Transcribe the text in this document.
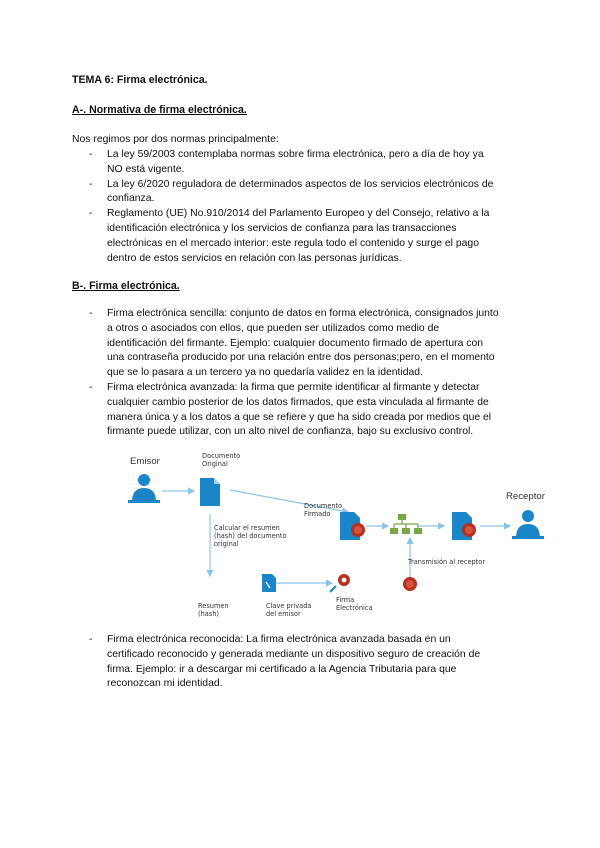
TEMA 6: Firma electrónica.
A-. Normativa de firma electrónica.
Nos regimos por dos normas principalmente:
- La ley 59/2003 contemplaba normas sobre firma electrónica, pero a día de hoy ya
NO está vigente.
- La ley 6/2020 reguladora de determinados aspectos de los servicios electrónicos de
confianza.
- Reglamento (UE) No.910/2014 del Parlamento Europeo y del Consejo, relativo a la
identificación electrónica y los servicios de confianza para las transacciones
electrónicas en el mercado interior: este regula todo el contenido y surge el pago
dentro de estos servicios en relación con las personas jurídicas.
B-. Firma electrónica.
- Firma electrónica sencilla: conjunto de datos en forma electrónica, consignados junto
a otros o asociados con ellos, que pueden ser utilizados como medio de
identificación del firmante. Ejemplo: cualquier documento firmado de apertura con
una contraseña producido por una relación entre dos personas;pero, en el momento
que se lo pasara a un tercero ya no quedaría validez en la identidad.
- Firma electrónica avanzada: la firma que permite identificar al firmante y detectar
cualquier cambio posterior de los datos firmados, que esta vinculada al firmante de
manera única y a los datos a que se refiere y que ha sido creada por medios que el
firmante puede utilizar, con un alto nivel de confianza, bajo su exclusivo control.
Emisor	Documento
Original
Calcular el resumen
(hash) del documento
original
Documento
Firmado
Resumen
(hash)
Clave privada
del emisor
Firma
Electrónica
Transmisión al receptor
Receptor
- Firma electrónica reconocida: La firma electrónica avanzada basada en un
certificado reconocido y generada mediante un dispositivo seguro de creación de
firma. Ejemplo: ir a descargar mi certificado a la Agencia Tributaria para que
reconozcan mi identidad.
